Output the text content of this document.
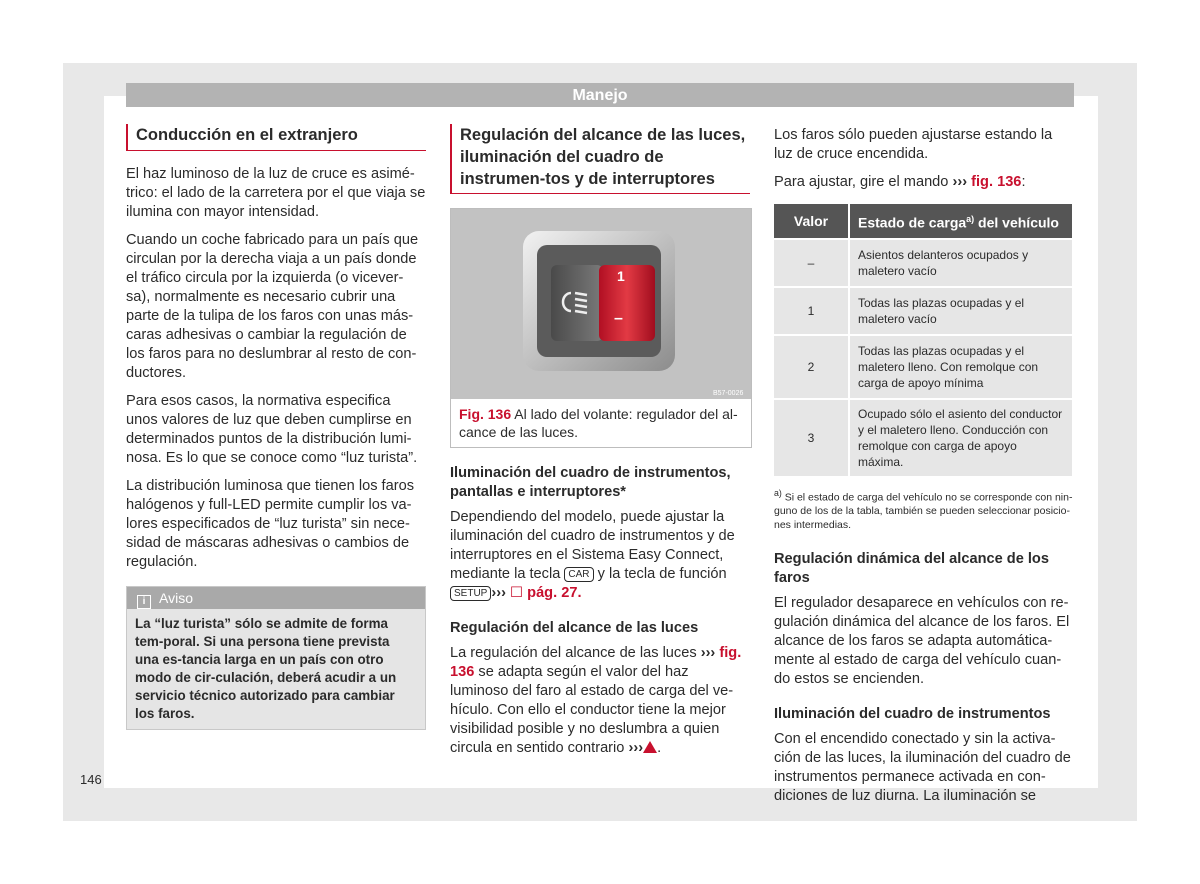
Manejo
Conducción en el extranjero

El haz luminoso de la luz de cruce es asimé-trico: el lado de la carretera por el que viaja se ilumina con mayor intensidad.

Cuando un coche fabricado para un país que circulan por la derecha viaja a un país donde el tráfico circula por la izquierda (o vicever-sa), normalmente es necesario cubrir una parte de la tulipa de los faros con unas más-caras adhesivas o cambiar la regulación de los faros para no deslumbrar al resto de con-ductores.

Para esos casos, la normativa especifica unos valores de luz que deben cumplirse en determinados puntos de la distribución lumi-nosa. Es lo que se conoce como “luz turista”.

La distribución luminosa que tienen los faros halógenos y full-LED permite cumplir los va-lores especificados de “luz turista” sin nece-sidad de máscaras adhesivas o cambios de regulación.

i Aviso
La “luz turista” sólo se admite de forma tem-poral. Si una persona tiene prevista una es-tancia larga en un país con otro modo de cir-culación, deberá acudir a un servicio técnico autorizado para cambiar los faros.
Regulación del alcance de las luces, iluminación del cuadro de instrumen-tos y de interruptores
1
–
B57-0026
Fig. 136 Al lado del volante: regulador del al-cance de las luces.
Iluminación del cuadro de instrumentos, pantallas e interruptores*

Dependiendo del modelo, puede ajustar la iluminación del cuadro de instrumentos y de interruptores en el Sistema Easy Connect, mediante la tecla CAR y la tecla de función SETUP ››› ☐ pág. 27.

Regulación del alcance de las luces

La regulación del alcance de las luces ››› fig. 136 se adapta según el valor del haz luminoso del faro al estado de carga del ve-hículo. Con ello el conductor tiene la mejor visibilidad posible y no deslumbra a quien circula en sentido contrario ››› .

Los faros sólo pueden ajustarse estando la luz de cruce encendida.

Para ajustar, gire el mando ››› fig. 136:

Valor	Estado de carga$^{a)}$ del vehículo
–	Asientos delanteros ocupados y maletero vacío
1	Todas las plazas ocupadas y el maletero vacío
2	Todas las plazas ocupadas y el maletero lleno. Con remolque con carga de apoyo mínima
3	Ocupado sólo el asiento del conductor y el maletero lleno. Conducción con remolque con carga de apoyo máxima.
$^{a)}$ Si el estado de carga del vehículo no se corresponde con nin-guno de los de la tabla, también se pueden seleccionar posicio-nes intermedias.
Regulación dinámica del alcance de los faros

El regulador desaparece en vehículos con re-gulación dinámica del alcance de los faros. El alcance de los faros se adapta automática-mente al estado de carga del vehículo cuan-do estos se encienden.

Iluminación del cuadro de instrumentos

Con el encendido conectado y sin la activa-ción de las luces, la iluminación del cuadro de instrumentos permanece activada en con-diciones de luz diurna. La iluminación se

146
